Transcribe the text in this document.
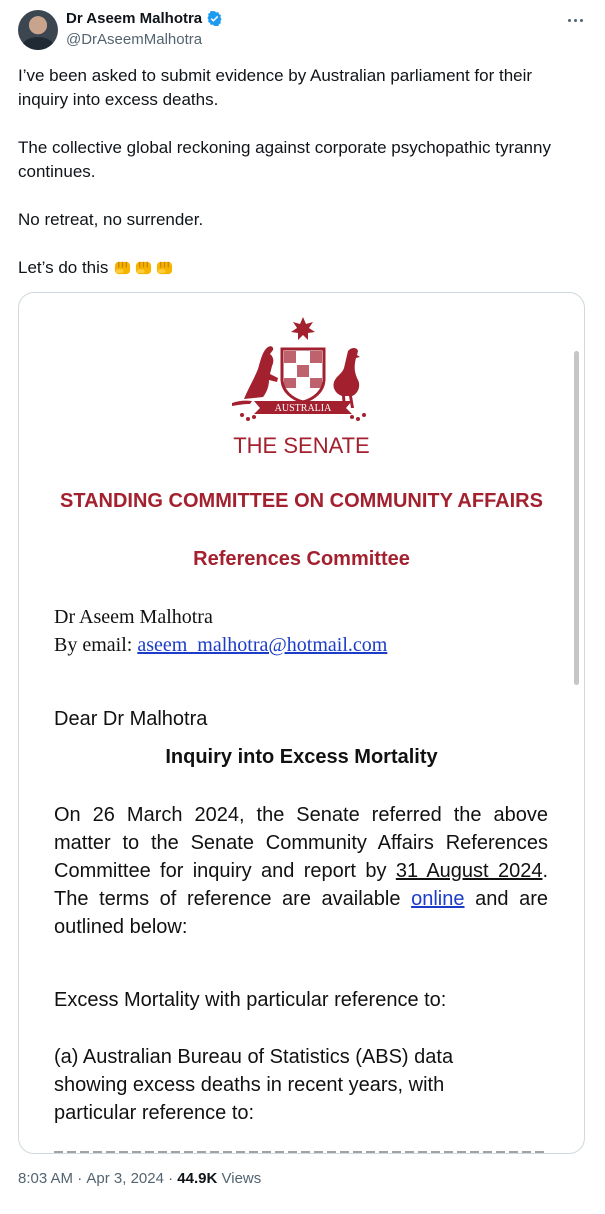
Dr Aseem Malhotra
@DrAseemMalhotra

I’ve been asked to submit evidence by Australian parliament for their inquiry into excess deaths.

The collective global reckoning against corporate psychopathic tyranny continues.

No retreat, no surrender.

Let’s do this

AUSTRALIA
THE SENATE
STANDING COMMITTEE ON COMMUNITY AFFAIRS
References Committee
Dr Aseem Malhotra
By email: aseem_malhotra@hotmail.com
Dear Dr Malhotra
Inquiry into Excess Mortality
On 26 March 2024, the Senate referred the above matter to the Senate Community Affairs References Committee for inquiry and report by 31 August 2024. The terms of reference are available online and are outlined below:
Excess Mortality with particular reference to:
(a) Australian Bureau of Statistics (ABS) data showing excess deaths in recent years, with particular reference to:
8:03 AM · Apr 3, 2024 · 44.9K
Views
